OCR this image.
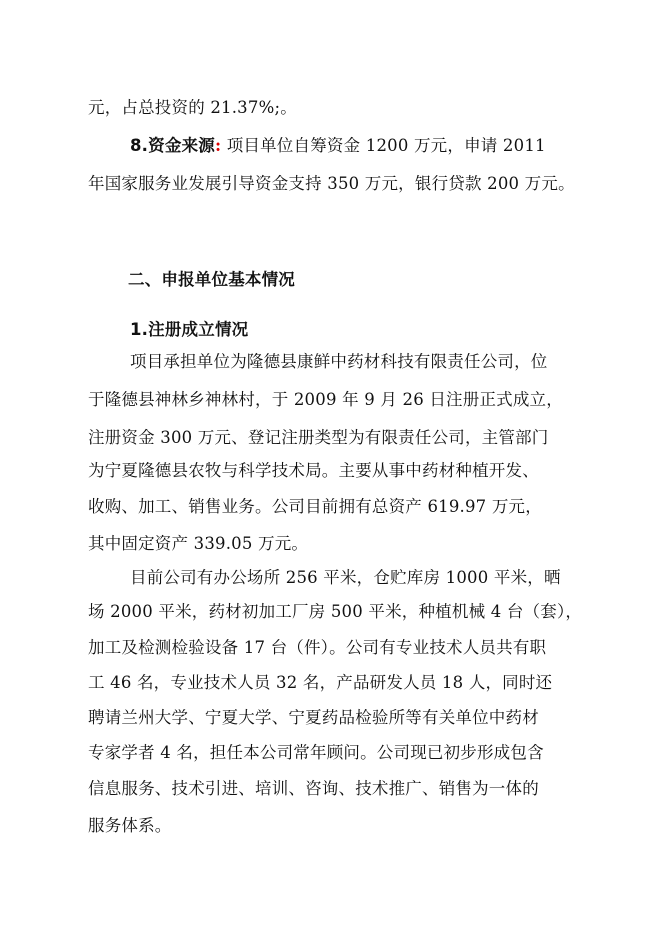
元，占总投资的 21.37%;。
8.资金来源: 项目单位自筹资金 1200 万元，申请 2011
年国家服务业发展引导资金支持 350 万元，银行贷款 200 万元。
二、申报单位基本情况
1.注册成立情况
项目承担单位为隆德县康鲜中药材科技有限责任公司，位
于隆德县神林乡神林村，于 2009 年 9 月 26 日注册正式成立，
注册资金 300 万元、登记注册类型为有限责任公司，主管部门
为宁夏隆德县农牧与科学技术局。主要从事中药材种植开发、
收购、加工、销售业务。公司目前拥有总资产 619.97 万元，
其中固定资产 339.05 万元。
目前公司有办公场所 256 平米，仓贮库房 1000 平米，晒
场 2000 平米，药材初加工厂房 500 平米，种植机械 4 台（套），
加工及检测检验设备 17 台（件）。公司有专业技术人员共有职
工 46 名，专业技术人员 32 名，产品研发人员 18 人，同时还
聘请兰州大学、宁夏大学、宁夏药品检验所等有关单位中药材
专家学者 4 名，担任本公司常年顾问。公司现已初步形成包含
信息服务、技术引进、培训、咨询、技术推广、销售为一体的
服务体系。
